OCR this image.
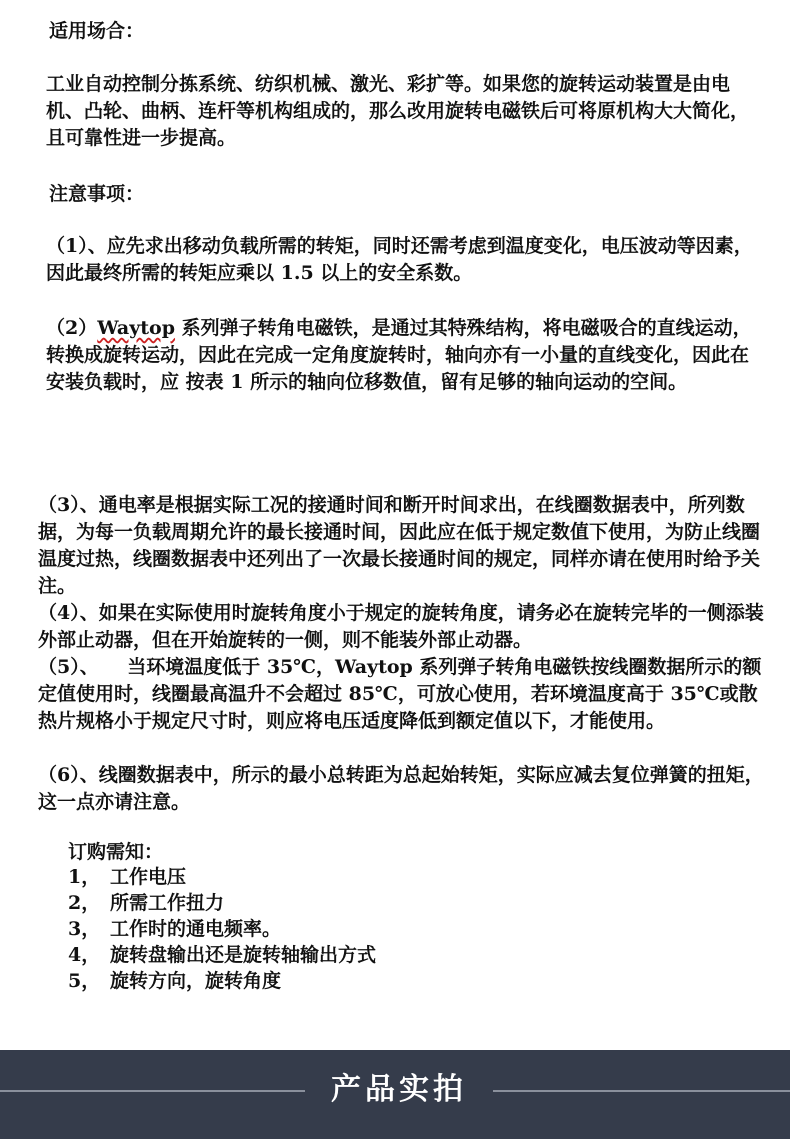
适用场合：
工业自动控制分拣系统、纺织机械、激光、彩扩等。如果您的旋转运动装置是由电机、凸轮、曲柄、连杆等机构组成的，那么改用旋转电磁铁后可将原机构大大简化，且可靠性进一步提高。
注意事项：
（1）、应先求出移动负载所需的转矩，同时还需考虑到温度变化，电压波动等因素，因此最终所需的转矩应乘以 1.5 以上的安全系数。
（2）Waytop 系列弹子转角电磁铁，是通过其特殊结构，将电磁吸合的直线运动，转换成旋转运动，因此在完成一定角度旋转时，轴向亦有一小量的直线变化，因此在安装负载时，应 按表 1 所示的轴向位移数值，留有足够的轴向运动的空间。
（3）、通电率是根据实际工况的接通时间和断开时间求出，在线圈数据表中，所列数据，为每一负载周期允许的最长接通时间，因此应在低于规定数值下使用，为防止线圈温度过热，线圈数据表中还列出了一次最长接通时间的规定，同样亦请在使用时给予关注。
（4）、如果在实际使用时旋转角度小于规定的旋转角度，请务必在旋转完毕的一侧添装外部止动器，但在开始旋转的一侧，则不能装外部止动器。
（5）、　　当环境温度低于 35℃，Waytop 系列弹子转角电磁铁按线圈数据所示的额定值使用时，线圈最高温升不会超过 85℃，可放心使用，若环境温度高于 35℃或散热片规格小于规定尺寸时，则应将电压适度降低到额定值以下，才能使用。
（6）、线圈数据表中，所示的最小总转距为总起始转矩，实际应减去复位弹簧的扭矩，这一点亦请注意。
订购需知：
1， 工作电压
2， 所需工作扭力
3， 工作时的通电频率。
4， 旋转盘输出还是旋转轴输出方式
5， 旋转方向，旋转角度
产品实拍
